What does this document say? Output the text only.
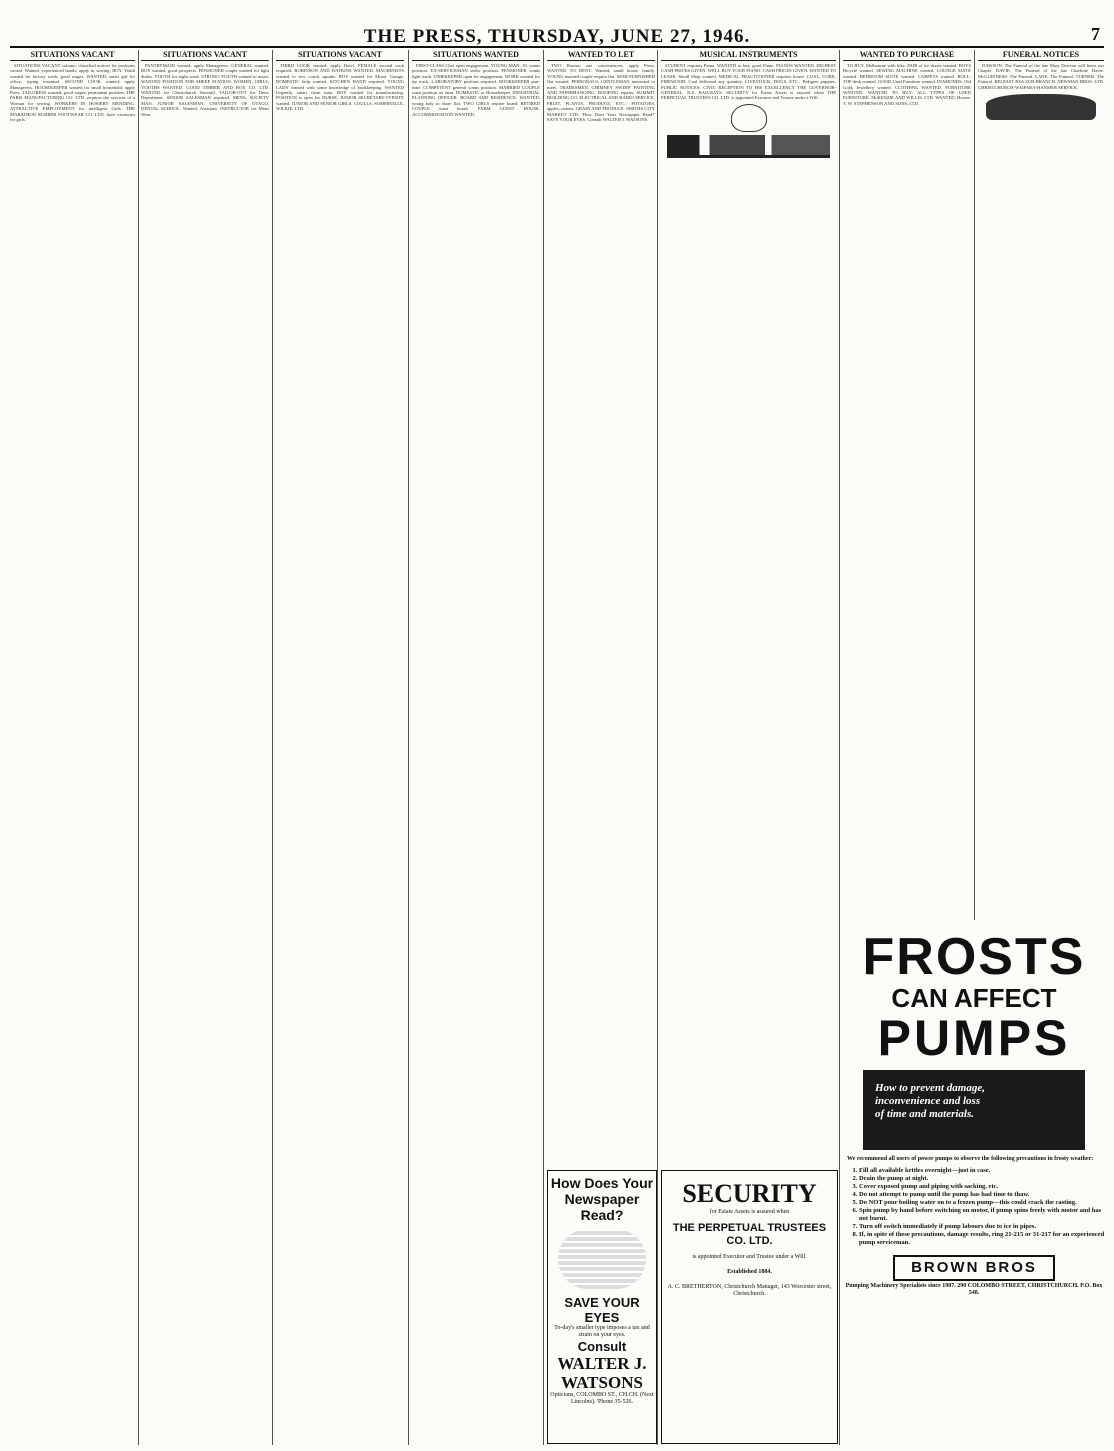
THE PRESS, THURSDAY, JUNE 27, 1946.	7
SITUATIONS VACANT

SITUATIONS VACANT column: classified notices for positions vacant. Wanted, experienced hands; apply in writing. BOY, Youth wanted for factory work; good wages. WANTED, smart girl for office; typing essential. SECOND COOK wanted; apply Manageress. HOUSEKEEPER wanted for small household; apply Press. TAILORESS wanted; good wages, permanent position. THE PARIS MANUFACTURING CO. LTD. requires the services of a Woman for sewing. WORKERS IN HOSIERY MENDING. ATTRACTIVE EMPLOYMENT for intelligent Girls. THE MARATHON RUBBER FOOTWEAR CO. LTD. have vacancies for girls.

SITUATIONS VACANT

PANTRYMAID wanted; apply Manageress. GENERAL wanted. BOY wanted, good prospects. PENSIONER couple wanted for light duties. YOUTH for night work. STRONG YOUTH wanted to assist. WANTED POSITION FOR SHEEP STATION. WOMEN, GIRLS, YOUTHS WANTED. GOOD TIMBER AND BOX CO. LTD. WANTED for Christchurch Sawmill. TAILOR-OUT for Dress Department. SENIOR SALESMAN required. MENS, SOCIETY MAN. JUNIOR SALESMAN. UNIVERSITY OF OTAGO, DENTAL SCHOOL. Wanted, Assistant. INSTRUCTOR for Mens Wear.

SITUATIONS VACANT

THIRD COOK wanted; apply Hotel. FEMALE second cook required. ROBINSON AND WATKINS WANTED. MACHINISTS wanted to sew couch squabs. BOY wanted for Motor Garage. DOMESTIC help wanted. KITCHEN HAND required. YOUNG LADY wanted with some knowledge of bookkeeping. WANTED Urgently, smart clean man. BOY wanted for manufacturing. POSITION is open for NURSE. JUNIOR SECRETARY-TYPISTE wanted. JUNIOR AND SENIOR GIRLS. COULLS, SOMERVILLE, WILKIE, LTD.

SITUATIONS WANTED

FIRST-CLASS Chef open engagement. YOUNG MAN, 19, wants position. EX-SERVICEMAN seeks position. PENSIONER wants light work. TIMEKEEPER open for engagement. WORK wanted for tip truck. LABORATORY position required. BOOKKEEPER part-time. COMPETENT general wants position. MARRIED COUPLE want position on farm. DOMESTIC or Housekeeper. INDUSTRIAL PLANNING OFFICER. BOARD AND RESIDENCE: WANTED, young lady to share flat. TWO GIRLS require board. RETIRED COUPLE want board. FARM GUEST HOUSE. ACCOMMODATION WANTED.

WANTED TO LET

TWO Rooms, use conveniences; apply Press. WANTED TO RENT: Wanted, small house, family. YOUNG married couple require flat. SEMI-FURNISHED flat wanted. PERSONALS: GENTLEMAN interested to meet. TRADESMEN: CHIMNEY SWEEP. PAINTING AND PAPERHANGING. ROOFING repairs. SUMMIT BUILDING CO. ELECTRICAL AND RADIO SERVICE. FRUIT, PLANTS, PRODUCE, ETC.: POTATOES, apples, onions. GRAIN AND PRODUCE. SMITHS CITY MARKET LTD. 'How Does Your Newspaper Read?' SAVE YOUR EYES. Consult WALTER J. WATSONS.

MUSICAL INSTRUMENTS

STUDENT requires Piano. WANTED to buy, good Piano. PIANOS WANTED. HIGHEST CASH PRICES GIVEN. WELL BUY YOUR PIANO. CASH PRICES GIVEN. WANTED TO LEASE: Small Shop wanted. MEDICAL PRACTITIONER requires house. COAL, COKE, FIREWOOD: Coal delivered any quantity. LIVESTOCK, DOGS, ETC.: Pedigree puppies. PUBLIC NOTICES: CIVIC RECEPTION TO HIS EXCELLENCY THE GOVERNOR-GENERAL. N.Z. RAILWAYS. SECURITY for Estate Assets is assured when THE PERPETUAL TRUSTEES CO. LTD. is appointed Executor and Trustee under a Will.

WANTED TO PURCHASE

TO BUY, Melbourne with bike. PAIR of ice skates wanted. BOYS Bicycle wanted. SEWING MACHINE wanted. LOUNGE SUITE wanted. BEDROOM SUITE wanted. CARPETS wanted. ROLL-TOP desk wanted. GOOD Used Furniture wanted. DIAMONDS, Old Gold, Jewellery wanted. CLOTHING WANTED. FURNITURE WANTED. WANTED TO BUY: ALL TYPES OF USED FURNITURE. McKENZIE AND WILLIS, LTD. WANTED, Horses. T. W. STEPHENSON AND SONS, LTD.

FUNERAL NOTICES

DAWSON: The Funeral of the late Mary Dawson will leave our Chapel. DAVIE: The Funeral of the late Charlotte Davie. McGUINNESS: The Funeral. LANE: The Funeral. TURNER: The Funeral. BELFAST RSA SUB-BRANCH. NEWMAN BROS. LTD. CHRISTCHURCH-WAIPARA-HANMER SERVICE.

How Does Your Newspaper Read?
SAVE YOUR EYES
To-day's smaller type imposes a tax and strain on your eyes.
Consult
WALTER J. WATSONS
Opticians, COLOMBO ST., CH.CH. (Next Lincolns). 'Phone 35-526.
SECURITY
for Estate Assets is assured when
THE PERPETUAL TRUSTEES CO. LTD.
is appointed Executor and Trustee under a Will.
Established 1884.
A. C. BRETHERTON, Christchurch Manager, 143 Worcester street, Christchurch.
FROSTS
CAN AFFECT
PUMPS
How to prevent damage, inconvenience and loss of time and materials.
We recommend all users of power pumps to observe the following precautions in frosty weather:
1. Fill all available kettles overnight—just in case.
2. Drain the pump at night.
3. Cover exposed pump and piping with sacking, etc.
4. Do not attempt to pump until the pump has had time to thaw.
5. Do NOT pour boiling water on to a frozen pump—this could crack the casting.
6. Spin pump by hand before switching on motor, if pump spins freely with motor and has not burnt.
7. Turn off switch immediately if pump labours due to ice in pipes.
8. If, in spite of these precautions, damage results, ring 21-215 or 31-217 for an experienced pump serviceman.
BROWN BROS
Pumping Machinery Specialists since 1907. 290 COLOMBO STREET, CHRISTCHURCH. P.O. Box 548.
